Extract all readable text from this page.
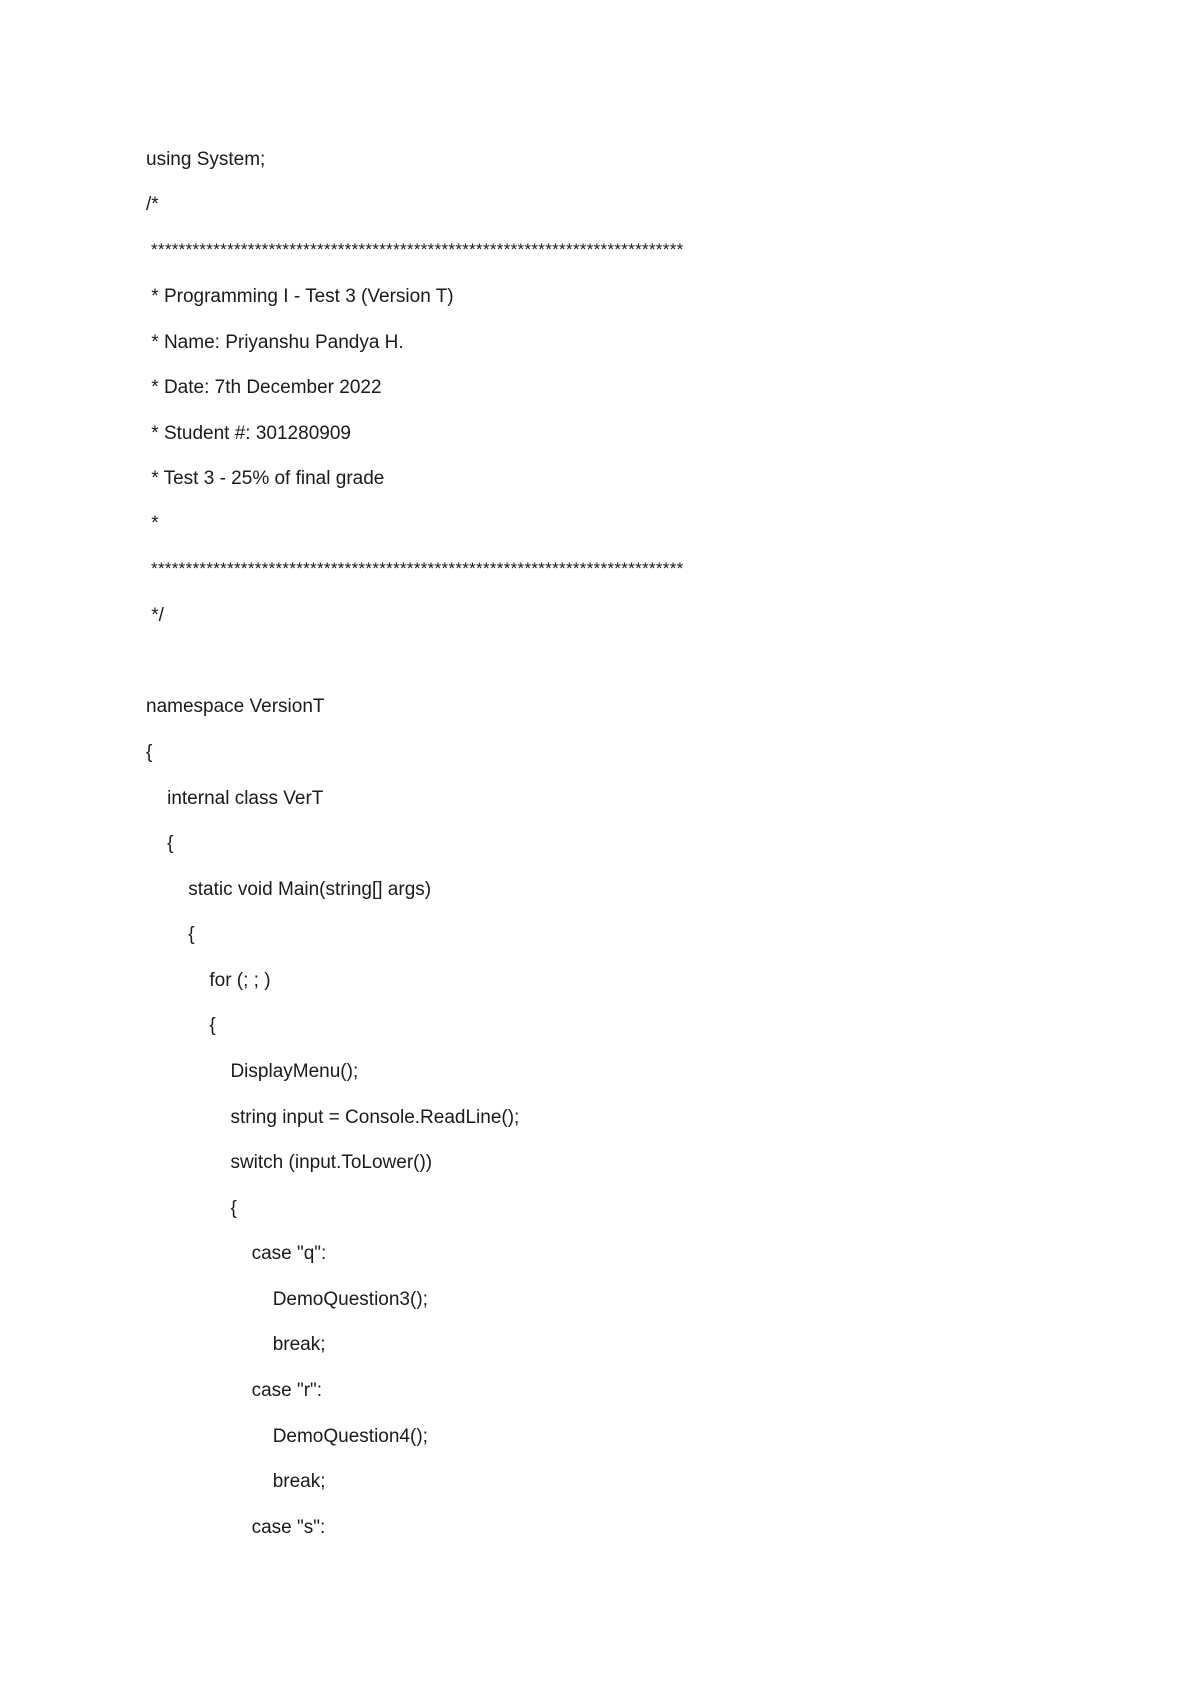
using System;
/*
*****************************************************************************
* Programming I - Test 3 (Version T)
* Name: Priyanshu Pandya H.
* Date: 7th December 2022
* Student #: 301280909
* Test 3 - 25% of final grade
*
*****************************************************************************
*/
namespace VersionT
{
internal class VerT
{
static void Main(string[] args)
{
for (; ; )
{
DisplayMenu();
string input = Console.ReadLine();
switch (input.ToLower())
{
case "q":
DemoQuestion3();
break;
case "r":
DemoQuestion4();
break;
case "s":
